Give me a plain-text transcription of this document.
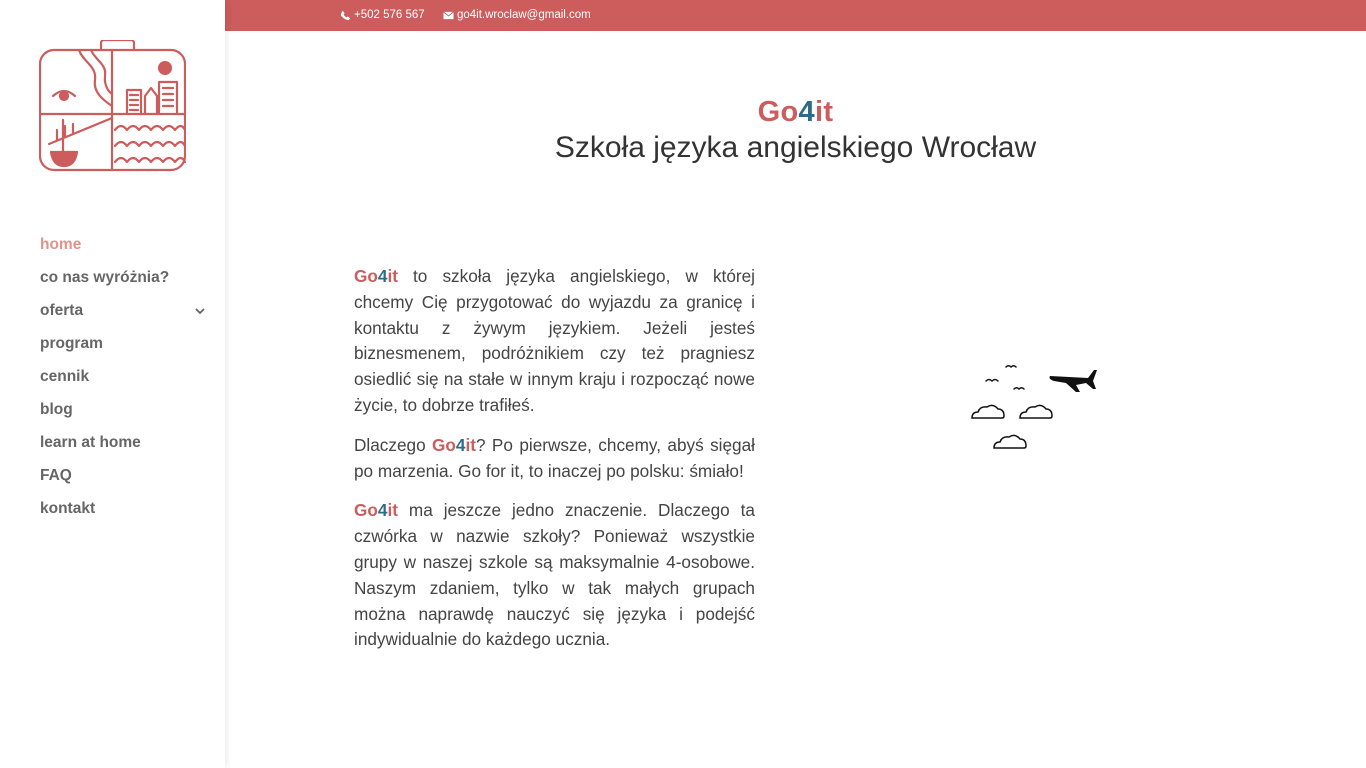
home
co nas wyróżnia?
oferta
program
cennik
blog
learn at home
FAQ
kontakt
+502 576 567	go4it.wroclaw@gmail.com
Go4it
Szkoła języka angielskiego Wrocław

Go4it to szkoła języka angielskiego, w której chcemy Cię przygotować do wyjazdu za granicę i kontaktu z żywym językiem. Jeżeli jesteś biznesmenem, podróżnikiem czy też pragniesz osiedlić się na stałe w innym kraju i rozpocząć nowe życie, to dobrze trafiłeś.

Dlaczego Go4it? Po pierwsze, chcemy, abyś sięgał po marzenia. Go for it, to inaczej po polsku: śmiało!

Go4it ma jeszcze jedno znaczenie. Dlaczego ta czwórka w nazwie szkoły? Ponieważ wszystkie grupy w naszej szkole są maksymalnie 4-osobowe. Naszym zdaniem, tylko w tak małych grupach można naprawdę nauczyć się języka i podejść indywidualnie do każdego ucznia.
